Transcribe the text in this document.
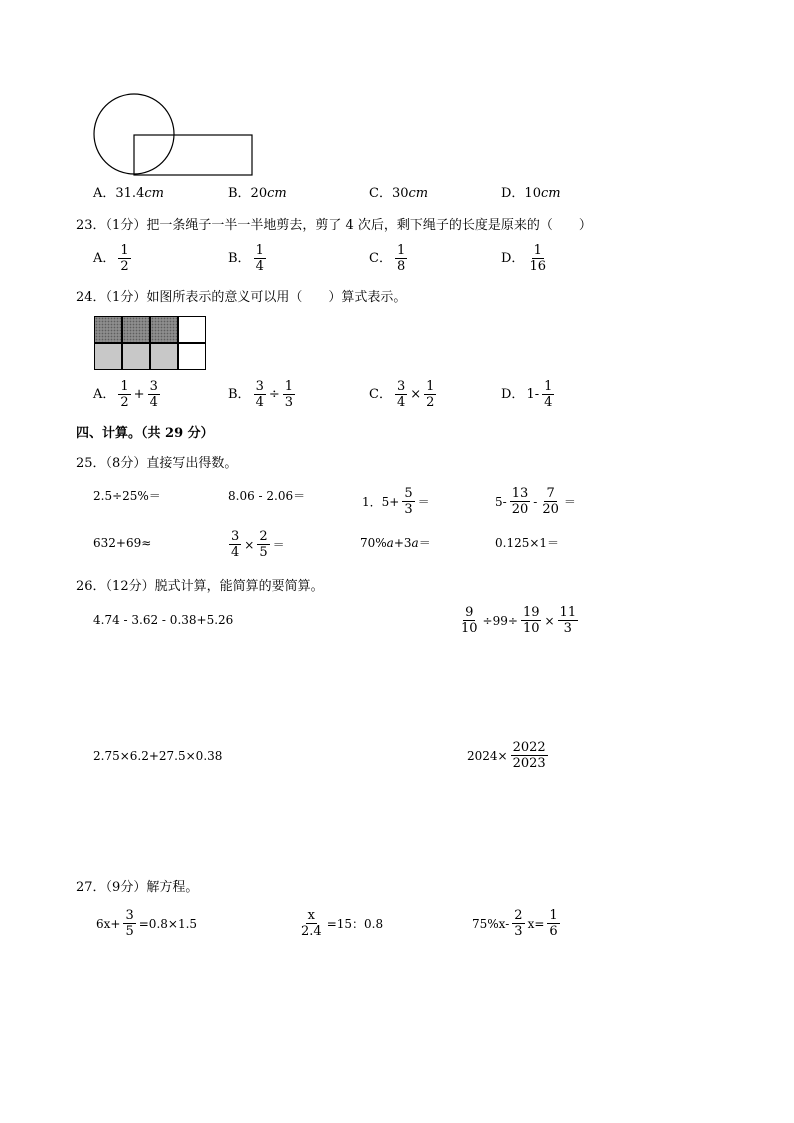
A．31.4cm	B．20cm	C．30cm	D．10cm
23．（1分）把一条绳子一半一半地剪去，剪了 4 次后，剩下绳子的长度是原来的（　　）
A． $\frac{1}{2}$	B． $\frac{1}{4}$	C． $\frac{1}{8}$	D． $\frac{1}{16}$
24．（1分）如图所表示的意义可以用（　　）算式表示。
A． $\frac{1}{2} + \frac{3}{4}$	B． $\frac{3}{4} \div \frac{1}{3}$	C． $\frac{3}{4} \times \frac{1}{2}$	D． $1- \frac{1}{4}$
四、计算。（共 29 分）
25．（8分）直接写出得数。
2.5÷25%＝	8.06 - 2.06＝	1．$5+ \frac{5}{3}$ ＝	$5- \frac{13}{20} - \frac{7}{20}$ ＝
632+69≈	$\frac{3}{4} \times \frac{2}{5}$ ＝	70%a+3a＝	0.125×1＝
26．（12分）脱式计算，能简算的要简算。
4.74 - 3.62 - 0.38+5.26	$\frac{9}{10} \div 99\div \frac{19}{10} \times \frac{11}{3}$
2.75×6.2+27.5×0.38	$2024\times \frac{2022}{2023}$
27．（9分）解方程。
$6x+ \frac{3}{5} =0.8\times 1.5$	$\frac{x}{2.4} =15$：0.8	$75\%x- \frac{2}{3} x= \frac{1}{6}$
